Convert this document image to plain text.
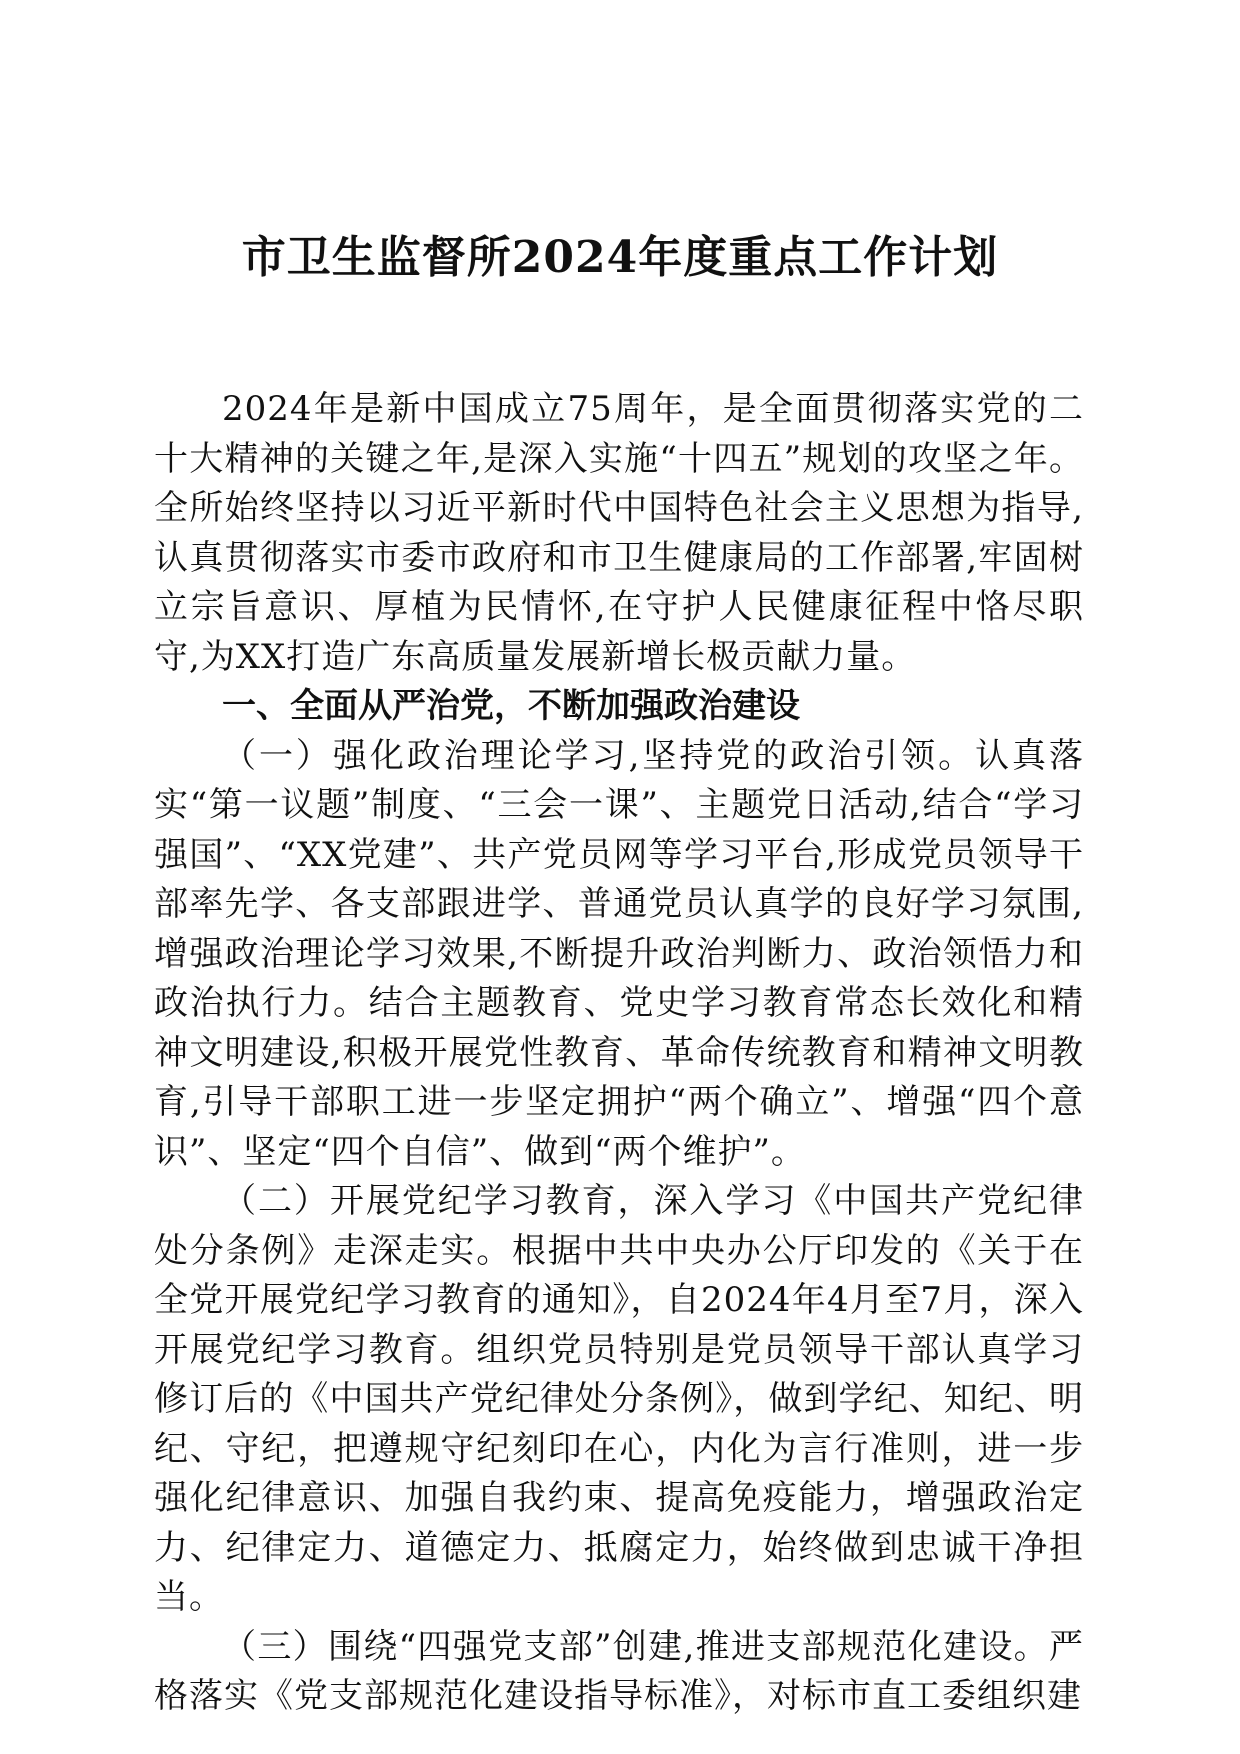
市卫生监督所2024年度重点工作计划

2024年是新中国成立75周年，是全面贯彻落实党的二十大精神的关键之年,是深入实施“十四五”规划的攻坚之年。全所始终坚持以习近平新时代中国特色社会主义思想为指导,认真贯彻落实市委市政府和市卫生健康局的工作部署,牢固树立宗旨意识、厚植为民情怀,在守护人民健康征程中恪尽职守,为XX打造广东高质量发展新增长极贡献力量。

一、全面从严治党，不断加强政治建设

（一）强化政治理论学习,坚持党的政治引领。认真落实“第一议题”制度、“三会一课”、主题党日活动,结合“学习强国”、“XX党建”、共产党员网等学习平台,形成党员领导干部率先学、各支部跟进学、普通党员认真学的良好学习氛围,增强政治理论学习效果,不断提升政治判断力、政治领悟力和政治执行力。结合主题教育、党史学习教育常态长效化和精神文明建设,积极开展党性教育、革命传统教育和精神文明教育,引导干部职工进一步坚定拥护“两个确立”、增强“四个意识”、坚定“四个自信”、做到“两个维护”。

（二）开展党纪学习教育，深入学习《中国共产党纪律处分条例》走深走实。根据中共中央办公厅印发的《关于在全党开展党纪学习教育的通知》，自2024年4月至7月，深入开展党纪学习教育。组织党员特别是党员领导干部认真学习修订后的《中国共产党纪律处分条例》，做到学纪、知纪、明纪、守纪，把遵规守纪刻印在心，内化为言行准则，进一步强化纪律意识、加强自我约束、提高免疫能力，增强政治定力、纪律定力、道德定力、抵腐定力，始终做到忠诚干净担当。

（三）围绕“四强党支部”创建,推进支部规范化建设。严格落实《党支部规范化建设指导标准》，对标市直工委组织建
